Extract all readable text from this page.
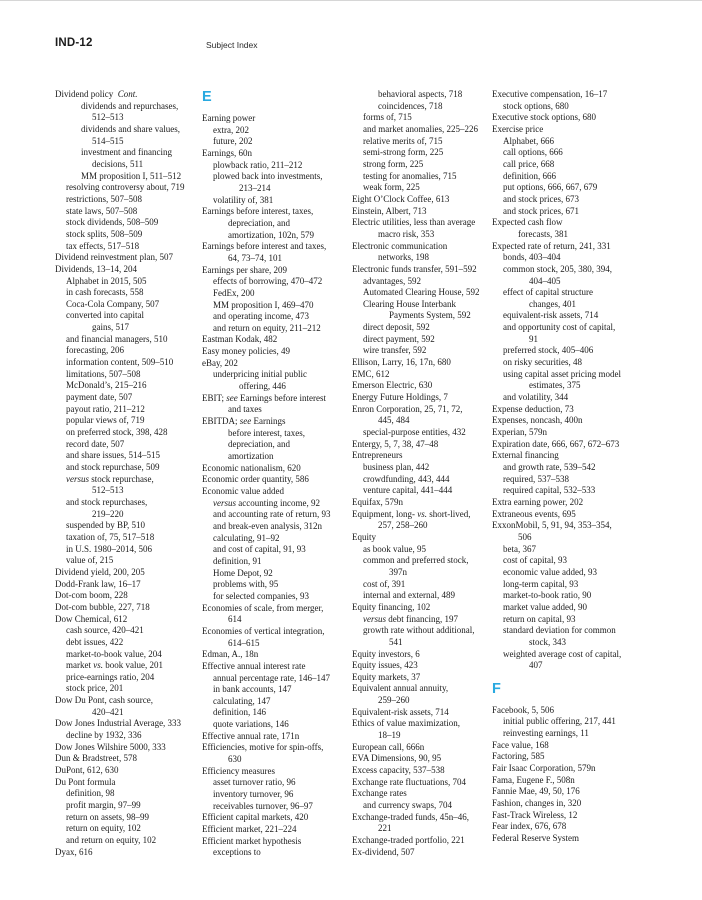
IND-12	Subject Index
Dividend policy  Cont.
dividends and repurchases,
512–513
dividends and share values,
514–515
investment and financing
decisions, 511
MM proposition I, 511–512
resolving controversy about, 719
restrictions, 507–508
state laws, 507–508
stock dividends, 508–509
stock splits, 508–509
tax effects, 517–518
Dividend reinvestment plan, 507
Dividends, 13–14, 204
Alphabet in 2015, 505
in cash forecasts, 558
Coca-Cola Company, 507
converted into capital
gains, 517
and financial managers, 510
forecasting, 206
information content, 509–510
limitations, 507–508
McDonald’s, 215–216
payment date, 507
payout ratio, 211–212
popular views of, 719
on preferred stock, 398, 428
record date, 507
and share issues, 514–515
and stock repurchase, 509
versus stock repurchase,
512–513
and stock repurchases,
219–220
suspended by BP, 510
taxation of, 75, 517–518
in U.S. 1980–2014, 506
value of, 215
Dividend yield, 200, 205
Dodd-Frank law, 16–17
Dot-com boom, 228
Dot-com bubble, 227, 718
Dow Chemical, 612
cash source, 420–421
debt issues, 422
market-to-book value, 204
market vs. book value, 201
price-earnings ratio, 204
stock price, 201
Dow Du Pont, cash source,
420–421
Dow Jones Industrial Average, 333
decline by 1932, 336
Dow Jones Wilshire 5000, 333
Dun & Bradstreet, 578
DuPont, 612, 630
Du Pont formula
definition, 98
profit margin, 97–99
return on assets, 98–99
return on equity, 102
and return on equity, 102
Dyax, 616
E
Earning power
extra, 202
future, 202
Earnings, 60n
plowback ratio, 211–212
plowed back into investments,
213–214
volatility of, 381
Earnings before interest, taxes,
depreciation, and
amortization, 102n, 579
Earnings before interest and taxes,
64, 73–74, 101
Earnings per share, 209
effects of borrowing, 470–472
FedEx, 200
MM proposition I, 469–470
and operating income, 473
and return on equity, 211–212
Eastman Kodak, 482
Easy money policies, 49
eBay, 202
underpricing initial public
offering, 446
EBIT; see Earnings before interest
and taxes
EBITDA; see Earnings
before interest, taxes,
depreciation, and
amortization
Economic nationalism, 620
Economic order quantity, 586
Economic value added
versus accounting income, 92
and accounting rate of return, 93
and break-even analysis, 312n
calculating, 91–92
and cost of capital, 91, 93
definition, 91
Home Depot, 92
problems with, 95
for selected companies, 93
Economies of scale, from merger,
614
Economies of vertical integration,
614–615
Edman, A., 18n
Effective annual interest rate
annual percentage rate, 146–147
in bank accounts, 147
calculating, 147
definition, 146
quote variations, 146
Effective annual rate, 171n
Efficiencies, motive for spin-offs,
630
Efficiency measures
asset turnover ratio, 96
inventory turnover, 96
receivables turnover, 96–97
Efficient capital markets, 420
Efficient market, 221–224
Efficient market hypothesis
exceptions to
behavioral aspects, 718
coincidences, 718
forms of, 715
and market anomalies, 225–226
relative merits of, 715
semi-strong form, 225
strong form, 225
testing for anomalies, 715
weak form, 225
Eight O’Clock Coffee, 613
Einstein, Albert, 713
Electric utilities, less than average
macro risk, 353
Electronic communication
networks, 198
Electronic funds transfer, 591–592
advantages, 592
Automated Clearing House, 592
Clearing House Interbank
Payments System, 592
direct deposit, 592
direct payment, 592
wire transfer, 592
Ellison, Larry, 16, 17n, 680
EMC, 612
Emerson Electric, 630
Energy Future Holdings, 7
Enron Corporation, 25, 71, 72,
445, 484
special-purpose entities, 432
Entergy, 5, 7, 38, 47–48
Entrepreneurs
business plan, 442
crowdfunding, 443, 444
venture capital, 441–444
Equifax, 579n
Equipment, long- vs. short-lived,
257, 258–260
Equity
as book value, 95
common and preferred stock,
397n
cost of, 391
internal and external, 489
Equity financing, 102
versus debt financing, 197
growth rate without additional,
541
Equity investors, 6
Equity issues, 423
Equity markets, 37
Equivalent annual annuity,
259–260
Equivalent-risk assets, 714
Ethics of value maximization,
18–19
European call, 666n
EVA Dimensions, 90, 95
Excess capacity, 537–538
Exchange rate fluctuations, 704
Exchange rates
and currency swaps, 704
Exchange-traded funds, 45n–46,
221
Exchange-traded portfolio, 221
Ex-dividend, 507
Executive compensation, 16–17
stock options, 680
Executive stock options, 680
Exercise price
Alphabet, 666
call options, 666
call price, 668
definition, 666
put options, 666, 667, 679
and stock prices, 673
and stock prices, 671
Expected cash flow
forecasts, 381
Expected rate of return, 241, 331
bonds, 403–404
common stock, 205, 380, 394,
404–405
effect of capital structure
changes, 401
equivalent-risk assets, 714
and opportunity cost of capital,
91
preferred stock, 405–406
on risky securities, 48
using capital asset pricing model
estimates, 375
and volatility, 344
Expense deduction, 73
Expenses, noncash, 400n
Experian, 579n
Expiration date, 666, 667, 672–673
External financing
and growth rate, 539–542
required, 537–538
required capital, 532–533
Extra earning power, 202
Extraneous events, 695
ExxonMobil, 5, 91, 94, 353–354,
506
beta, 367
cost of capital, 93
economic value added, 93
long-term capital, 93
market-to-book ratio, 90
market value added, 90
return on capital, 93
standard deviation for common
stock, 343
weighted average cost of capital,
407
F
Facebook, 5, 506
initial public offering, 217, 441
reinvesting earnings, 11
Face value, 168
Factoring, 585
Fair Isaac Corporation, 579n
Fama, Eugene F., 508n
Fannie Mae, 49, 50, 176
Fashion, changes in, 320
Fast-Track Wireless, 12
Fear index, 676, 678
Federal Reserve System
